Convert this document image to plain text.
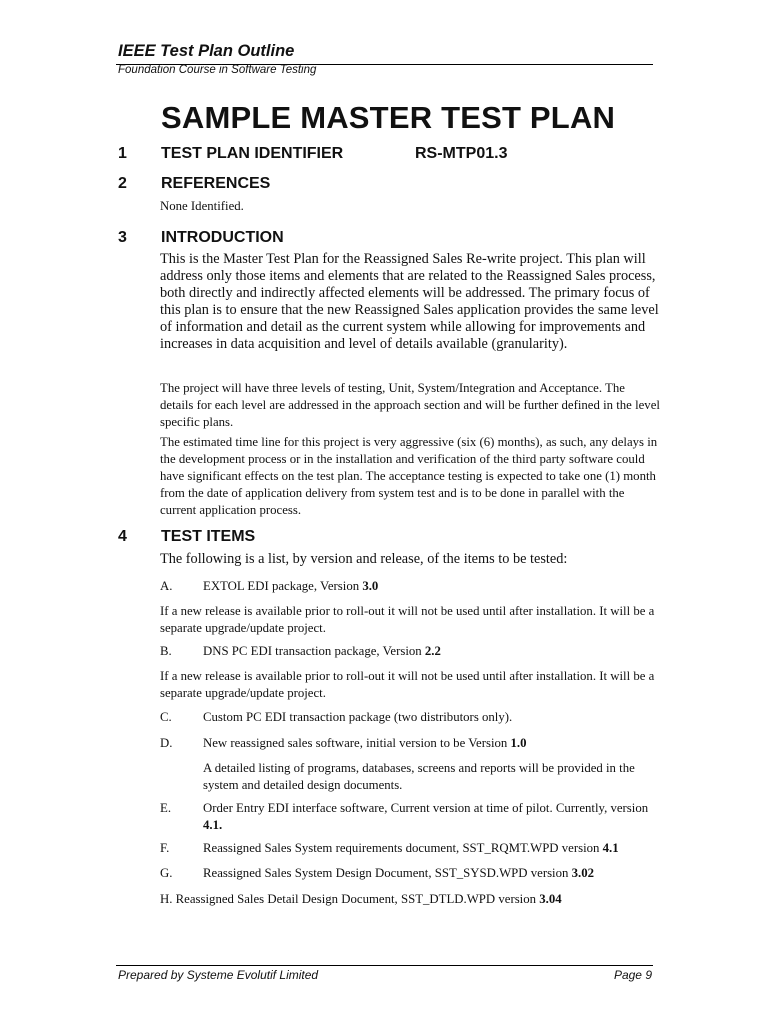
IEEE Test Plan Outline
Foundation Course in Software Testing
SAMPLE MASTER TEST PLAN
1 TEST PLAN IDENTIFIER	RS-MTP01.3
2 REFERENCES

None Identified.

3 INTRODUCTION

This is the Master Test Plan for the Reassigned Sales Re-write project. This plan will address only those items and elements that are related to the Reassigned Sales process, both directly and indirectly affected elements will be addressed. The primary focus of this plan is to ensure that the new Reassigned Sales application provides the same level of information and detail as the current system while allowing for improvements and increases in data acquisition and level of details available (granularity).

The project will have three levels of testing, Unit, System/Integration and Acceptance. The details for each level are addressed in the approach section and will be further defined in the level specific plans.

The estimated time line for this project is very aggressive (six (6) months), as such, any delays in the development process or in the installation and verification of the third party software could have significant effects on the test plan. The acceptance testing is expected to take one (1) month from the date of application delivery from system test and is to be done in parallel with the current application process.

4 TEST ITEMS

The following is a list, by version and release, of the items to be tested:

A. EXTOL EDI package, Version 3.0

If a new release is available prior to roll-out it will not be used until after installation. It will be a separate upgrade/update project.

B. DNS PC EDI transaction package, Version 2.2

If a new release is available prior to roll-out it will not be used until after installation. It will be a separate upgrade/update project.

C. Custom PC EDI transaction package (two distributors only).
D. New reassigned sales software, initial version to be Version 1.0

A detailed listing of programs, databases, screens and reports will be provided in the system and detailed design documents.

E. Order Entry EDI interface software, Current version at time of pilot. Currently, version 4.1.
F.	Reassigned Sales System requirements document, SST_RQMT.WPD version 4.1
G. Reassigned Sales System Design Document, SST_SYSD.WPD version 3.02
H. Reassigned Sales Detail Design Document, SST_DTLD.WPD version 3.04
Prepared by Systeme Evolutif Limited	Page 9
